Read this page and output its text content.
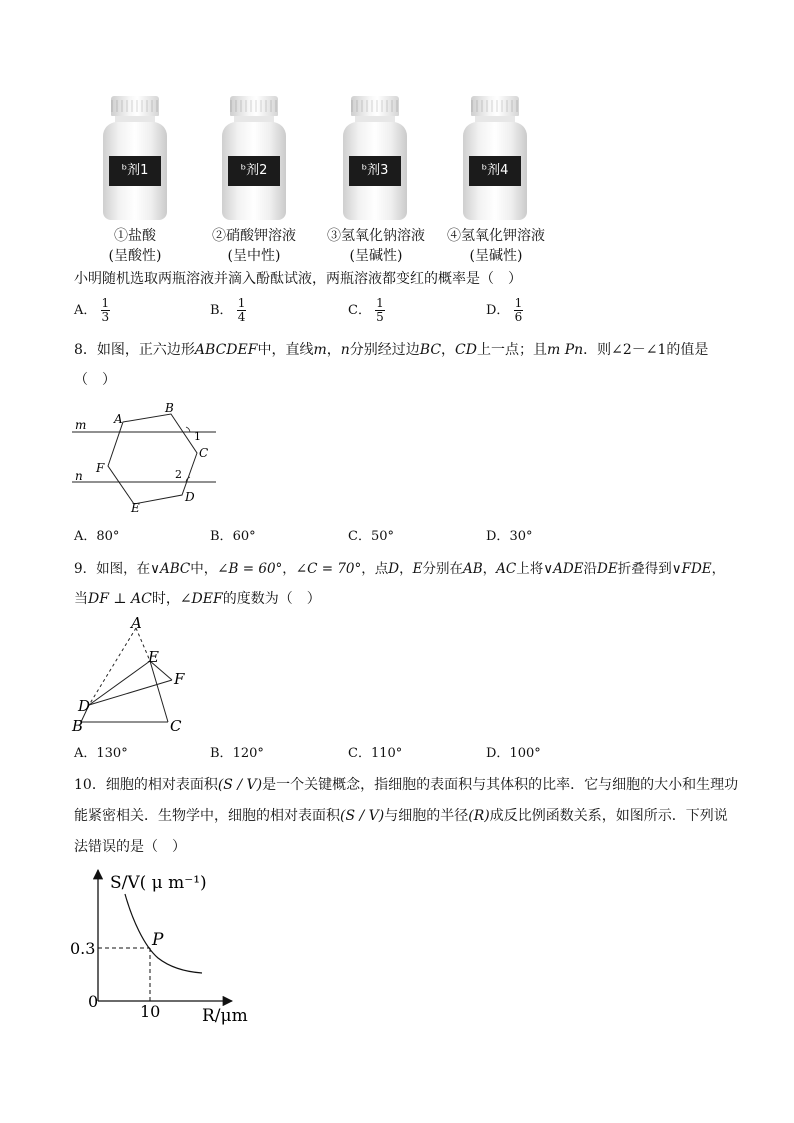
ᵇ剂1	ᵇ剂2	ᵇ剂3	ᵇ剂4
①盐酸
(呈酸性)
②硝酸钾溶液
(呈中性)
③氢氧化钠溶液
(呈碱性)
④氢氧化钾溶液
(呈碱性)
小明随机选取两瓶溶液并滴入酚酞试液，两瓶溶液都变红的概率是（　）
A． $\frac{1}{3}$	B． $\frac{1}{4}$	C． $\frac{1}{5}$	D． $\frac{1}{6}$
8．如图，正六边形ABCDEF中，直线m，n分别经过边BC，CD上一点；且m Pn．则∠2－∠1的值是
（　）
A
B
C
D
E
F
m
n
1
2
A．80°	B．60°	C．50°	D．30°
9．如图，在∨ABC中，∠B = 60°，∠C = 70°，点D，E分别在AB，AC上将∨ADE沿DE折叠得到∨FDE，
当DF ⊥ AC时，∠DEF的度数为（　）
A
B	C
D
E
F
A．130°	B．120°	C．110°	D．100°
10．细胞的相对表面积(S / V)是一个关键概念，指细胞的表面积与其体积的比率．它与细胞的大小和生理功
能紧密相关．生物学中，细胞的相对表面积(S / V)与细胞的半径(R)成反比例函数关系，如图所示．下列说
法错误的是（　）
S/V( μ m⁻¹)
R/μm
0.3
10
0
P
